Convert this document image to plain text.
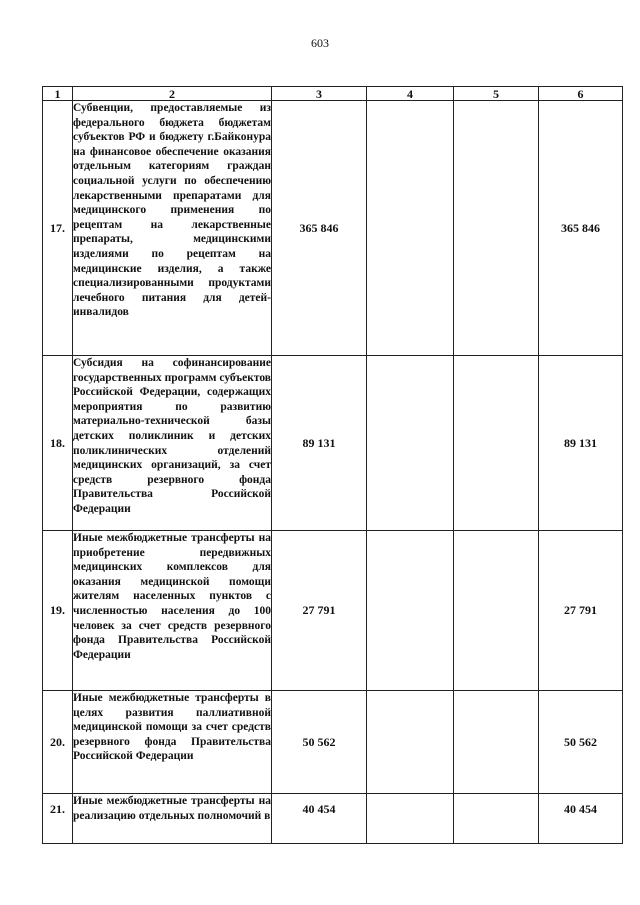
603
1	2	3	4	5	6
17.	Субвенции, предоставляемые из федерального бюджета бюджетам субъектов РФ и бюджету г.Байконура на финансовое обеспечение оказания отдельным категориям граждан социальной услуги по обеспечению лекарственными препаратами для медицинского применения по рецептам на лекарственные препараты, медицинскими изделиями по рецептам на медицинские изделия, а также специализированными продуктами лечебного питания для детей-инвалидов	365 846			365 846
18.	Субсидия на софинансирование государственных программ субъектов Российской Федерации, содержащих мероприятия по развитию материально-технической базы детских поликлиник и детских поликлинических отделений медицинских организаций, за счет средств резервного фонда Правительства Российской Федерации	89 131			89 131
19.	Иные межбюджетные трансферты на приобретение передвижных медицинских комплексов для оказания медицинской помощи жителям населенных пунктов с численностью населения до 100 человек за счет средств резервного фонда Правительства Российской Федерации	27 791			27 791
20.	Иные межбюджетные трансферты в целях развития паллиативной медицинской помощи за счет средств резервного фонда Правительства Российской Федерации	50 562			50 562
21.	Иные межбюджетные трансферты на реализацию отдельных полномочий в	40 454			40 454
